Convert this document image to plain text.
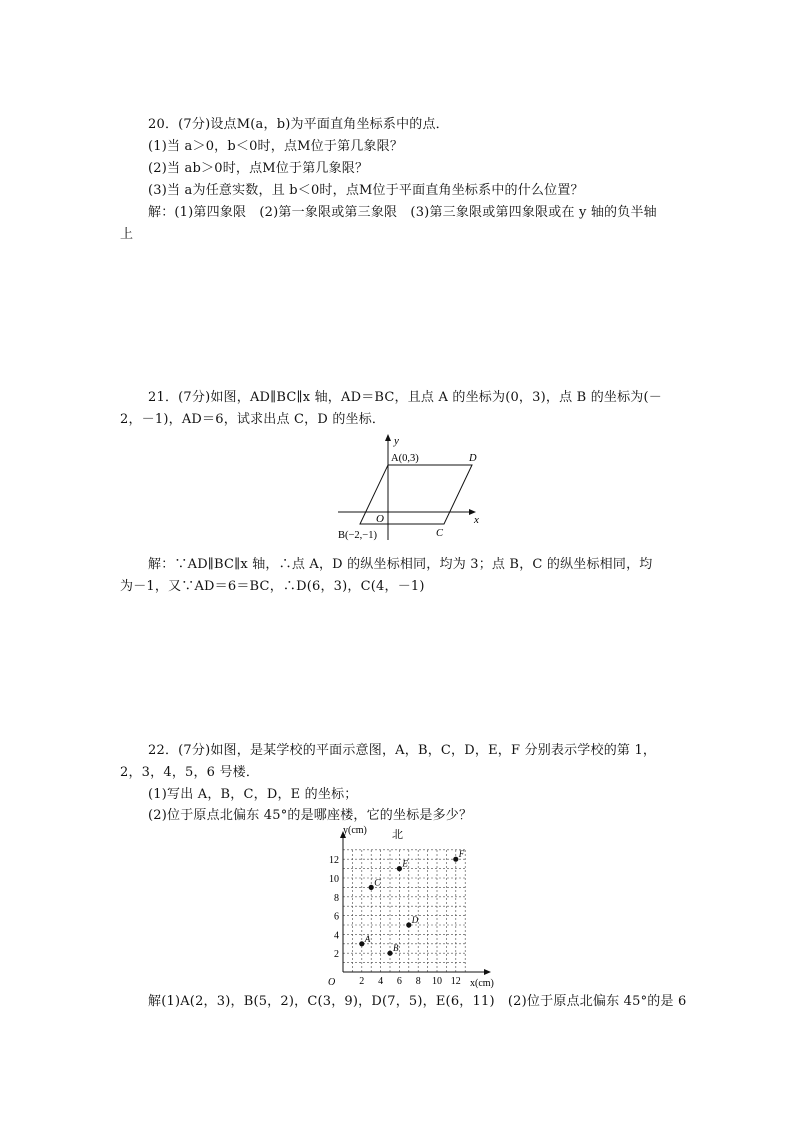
20．(7分)设点M(a，b)为平面直角坐标系中的点．
(1)当 a＞0，b＜0时，点M位于第几象限？
(2)当 ab＞0时，点M位于第几象限？
(3)当 a为任意实数，且 b＜0时，点M位于平面直角坐标系中的什么位置？
解：(1)第四象限　(2)第一象限或第三象限　(3)第三象限或第四象限或在 y 轴的负半轴
上
21．(7分)如图，AD∥BC∥x 轴，AD＝BC，且点 A 的坐标为(0，3)，点 B 的坐标为(－
2，－1)，AD＝6，试求出点 C，D 的坐标．
y
x
O
A(0,3)	D
B(−2,−1)	C
解：∵AD∥BC∥x 轴，∴点 A，D 的纵坐标相同，均为 3；点 B，C 的纵坐标相同，均
为－1，又∵AD＝6＝BC，∴D(6，3)，C(4，－1)
22．(7分)如图，是某学校的平面示意图，A，B，C，D，E，F 分别表示学校的第 1，
2，3，4，5，6 号楼．
(1)写出 A，B，C，D，E 的坐标；
(2)位于原点北偏东 45°的是哪座楼，它的坐标是多少？
2 4 6 8 10 12
2
4
6
8
10
12
A
B
C
D
E
F
y(cm)
x(cm)
北
O
解(1)A(2，3)，B(5，2)，C(3，9)，D(7，5)，E(6，11)　(2)位于原点北偏东 45°的是 6
